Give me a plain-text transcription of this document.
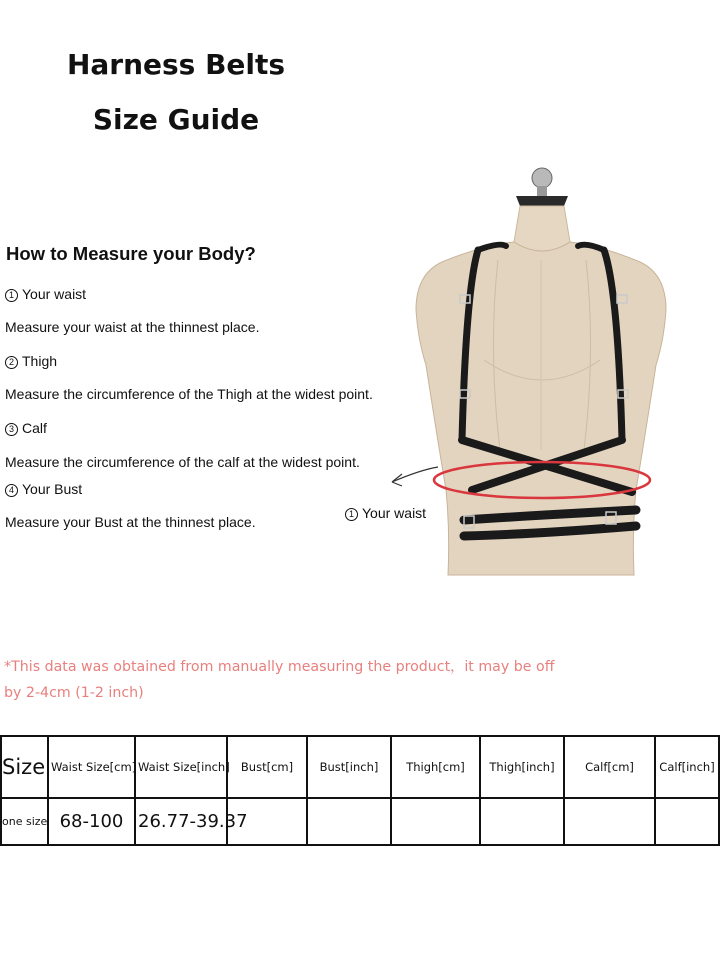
Harness Belts
Size Guide
How to Measure your Body?
1 Your waist
Measure your waist at the thinnest place.
2 Thigh
Measure the circumference of the Thigh at the widest point.
3 Calf
Measure the circumference of the calf at the widest point.
4 Your Bust
Measure your Bust at the thinnest place.	1 Your waist
*This data was obtained from manually measuring the product，it may be off by 2-4cm (1-2 inch)
Size	Waist Size[cm]	Waist Size[inch]	Bust[cm]	Bust[inch]	Thigh[cm]	Thigh[inch]	Calf[cm]	Calf[inch]
one size	68-100	26.77-39.37						
